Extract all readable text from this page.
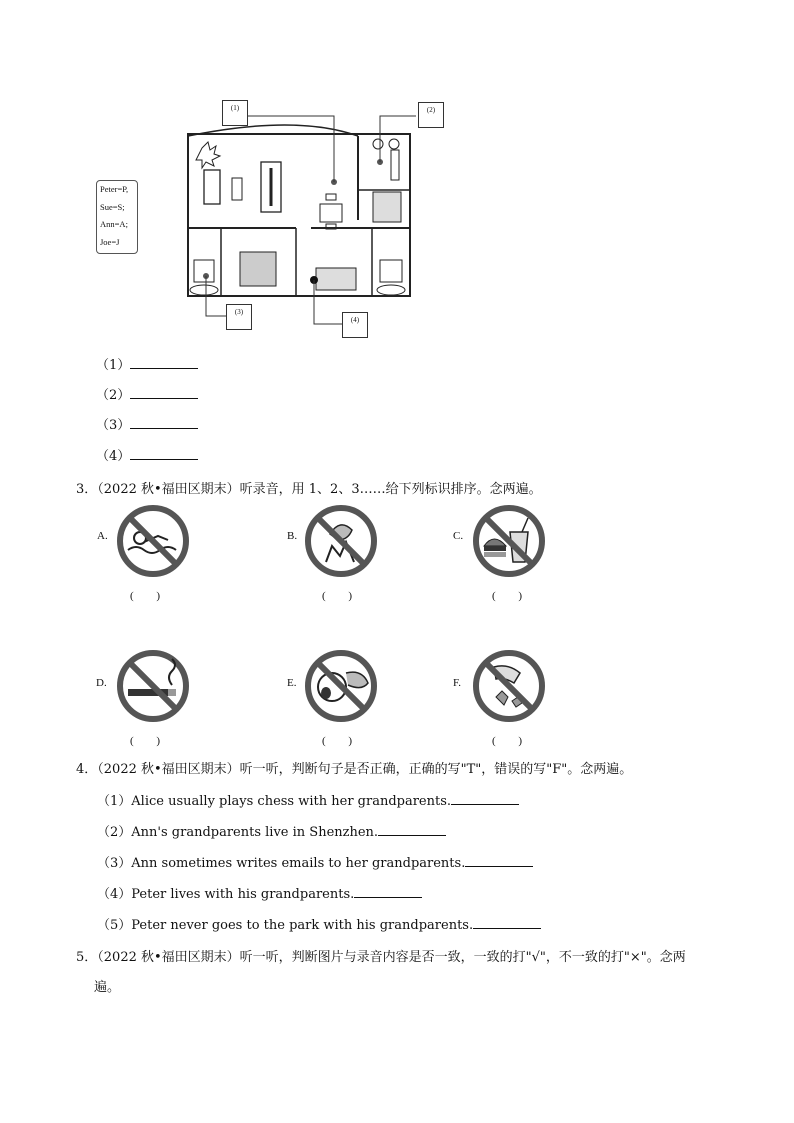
Peter=P,
Sue=S;
Ann=A;
Joe=J
(1)	(2)
(3)
(4)
（1）
（2）
（3）
（4）
3．（2022 秋•福田区期末）听录音，用 1、2、3……给下列标识排序。念两遍。
A.
( )
B.
( )
C.
( )
D.
( )
E.
( )
F.
( )
4．（2022 秋•福田区期末）听一听，判断句子是否正确，正确的写"T"，错误的写"F"。念两遍。
（1）Alice usually plays chess with her grandparents.
（2）Ann's grandparents live in Shenzhen.
（3）Ann sometimes writes emails to her grandparents.
（4）Peter lives with his grandparents.
（5）Peter never goes to the park with his grandparents.
5．（2022 秋•福田区期末）听一听，判断图片与录音内容是否一致，一致的打"√"，不一致的打"×"。念两
遍。
